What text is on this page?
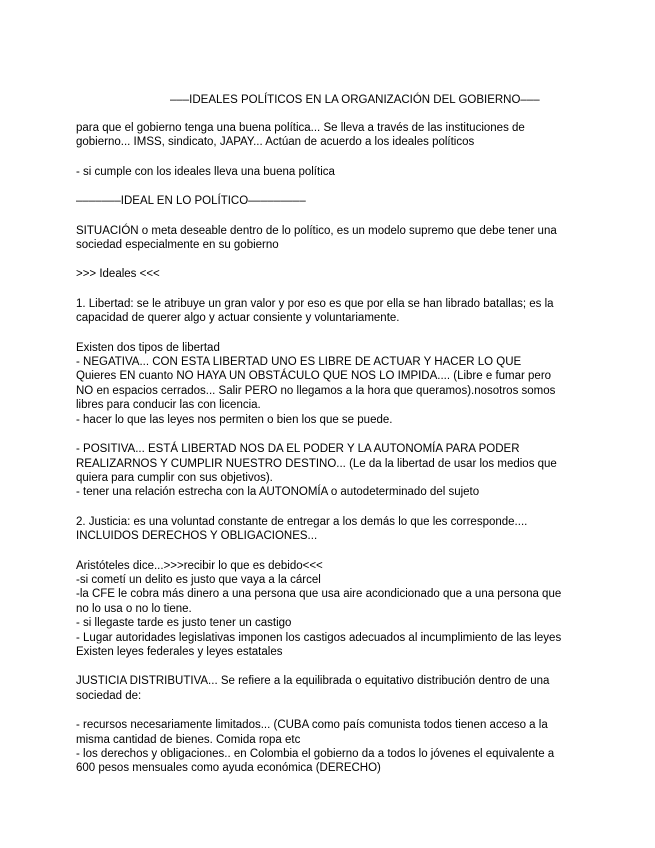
–––IDEALES POLÍTICOS EN LA ORGANIZACIÓN DEL GOBIERNO–––
para que el gobierno tenga una buena política... Se lleva a través de las instituciones de
gobierno... IMSS, sindicato, JAPAY... Actúan de acuerdo a los ideales políticos
- si cumple con los ideales lleva una buena política
–––––––IDEAL EN LO POLÍTICO–––––––––
SITUACIÓN o meta deseable dentro de lo político, es un modelo supremo que debe tener una
sociedad especialmente en su gobierno
>>> Ideales <<<
1. Libertad: se le atribuye un gran valor y por eso es que por ella se han librado batallas; es la
capacidad de querer algo y actuar consiente y voluntariamente.
Existen dos tipos de libertad
- NEGATIVA... CON ESTA LIBERTAD UNO ES LIBRE DE ACTUAR Y HACER LO QUE
Quieres EN cuanto NO HAYA UN OBSTÁCULO QUE NOS LO IMPIDA.... (Libre e fumar pero
NO en espacios cerrados... Salir PERO no llegamos a la hora que queramos).nosotros somos
libres para conducir las con licencia.
- hacer lo que las leyes nos permiten o bien los que se puede.
- POSITIVA... ESTÁ LIBERTAD NOS DA EL PODER Y LA AUTONOMÍA PARA PODER
REALIZARNOS Y CUMPLIR NUESTRO DESTINO... (Le da la libertad de usar los medios que
quiera para cumplir con sus objetivos).
- tener una relación estrecha con la AUTONOMÍA o autodeterminado del sujeto
2. Justicia: es una voluntad constante de entregar a los demás lo que les corresponde....
INCLUIDOS DERECHOS Y OBLIGACIONES...
Aristóteles dice...>>>recibir lo que es debido<<<
-si cometí un delito es justo que vaya a la cárcel
-la CFE le cobra más dinero a una persona que usa aire acondicionado que a una persona que
no lo usa o no lo tiene.
- si llegaste tarde es justo tener un castigo
- Lugar autoridades legislativas imponen los castigos adecuados al incumplimiento de las leyes
Existen leyes federales y leyes estatales
JUSTICIA DISTRIBUTIVA... Se refiere a la equilibrada o equitativo distribución dentro de una
sociedad de:
- recursos necesariamente limitados... (CUBA como país comunista todos tienen acceso a la
misma cantidad de bienes. Comida ropa etc
- los derechos y obligaciones.. en Colombia el gobierno da a todos lo jóvenes el equivalente a
600 pesos mensuales como ayuda económica (DERECHO)
